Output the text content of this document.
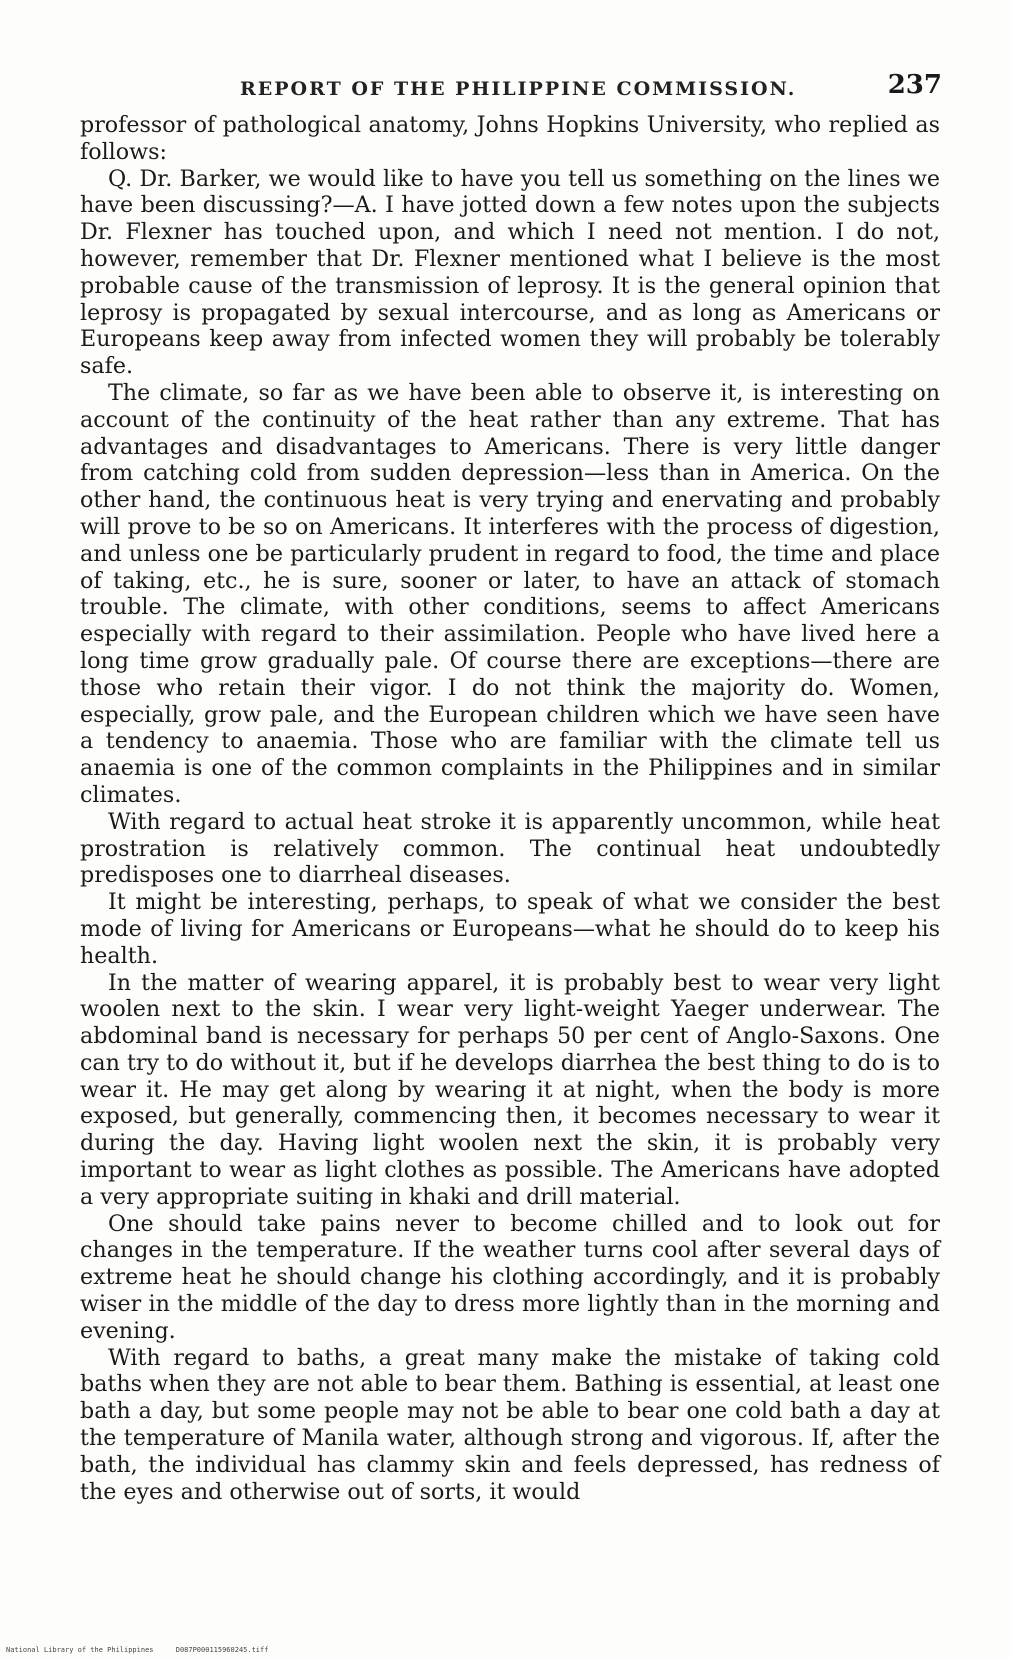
REPORT OF THE PHILIPPINE COMMISSION.	237

professor of pathological anatomy, Johns Hopkins University, who replied as follows:

Q. Dr. Barker, we would like to have you tell us something on the lines we have been discussing?—A. I have jotted down a few notes upon the subjects Dr. Flexner has touched upon, and which I need not mention. I do not, however, remember that Dr. Flexner mentioned what I believe is the most probable cause of the transmission of leprosy. It is the general opinion that leprosy is propagated by sexual intercourse, and as long as Americans or Europeans keep away from infected women they will probably be tolerably safe.

The climate, so far as we have been able to observe it, is interesting on account of the continuity of the heat rather than any extreme. That has advantages and disadvantages to Americans. There is very little danger from catching cold from sudden depression—less than in America. On the other hand, the continuous heat is very trying and enervating and probably will prove to be so on Americans. It interferes with the process of digestion, and unless one be particularly prudent in regard to food, the time and place of taking, etc., he is sure, sooner or later, to have an attack of stomach trouble. The climate, with other conditions, seems to affect Americans especially with regard to their assimilation. People who have lived here a long time grow gradually pale. Of course there are exceptions—there are those who retain their vigor. I do not think the majority do. Women, especially, grow pale, and the European children which we have seen have a tendency to anaemia. Those who are familiar with the climate tell us anaemia is one of the common complaints in the Philippines and in similar climates.

With regard to actual heat stroke it is apparently uncommon, while heat prostration is relatively common. The continual heat undoubtedly predisposes one to diarrheal diseases.

It might be interesting, perhaps, to speak of what we consider the best mode of living for Americans or Europeans—what he should do to keep his health.

In the matter of wearing apparel, it is probably best to wear very light woolen next to the skin. I wear very light-weight Yaeger underwear. The abdominal band is necessary for perhaps 50 per cent of Anglo-Saxons. One can try to do without it, but if he develops diarrhea the best thing to do is to wear it. He may get along by wearing it at night, when the body is more exposed, but generally, commencing then, it becomes necessary to wear it during the day. Having light woolen next the skin, it is probably very important to wear as light clothes as possible. The Americans have adopted a very appropriate suiting in khaki and drill material.

One should take pains never to become chilled and to look out for changes in the temperature. If the weather turns cool after several days of extreme heat he should change his clothing accordingly, and it is probably wiser in the middle of the day to dress more lightly than in the morning and evening.

With regard to baths, a great many make the mistake of taking cold baths when they are not able to bear them. Bathing is essential, at least one bath a day, but some people may not be able to bear one cold bath a day at the temperature of Manila water, although strong and vigorous. If, after the bath, the individual has clammy skin and feels depressed, has redness of the eyes and otherwise out of sorts, it would

National Library of the Philippines	D087P000115960245.tiff
